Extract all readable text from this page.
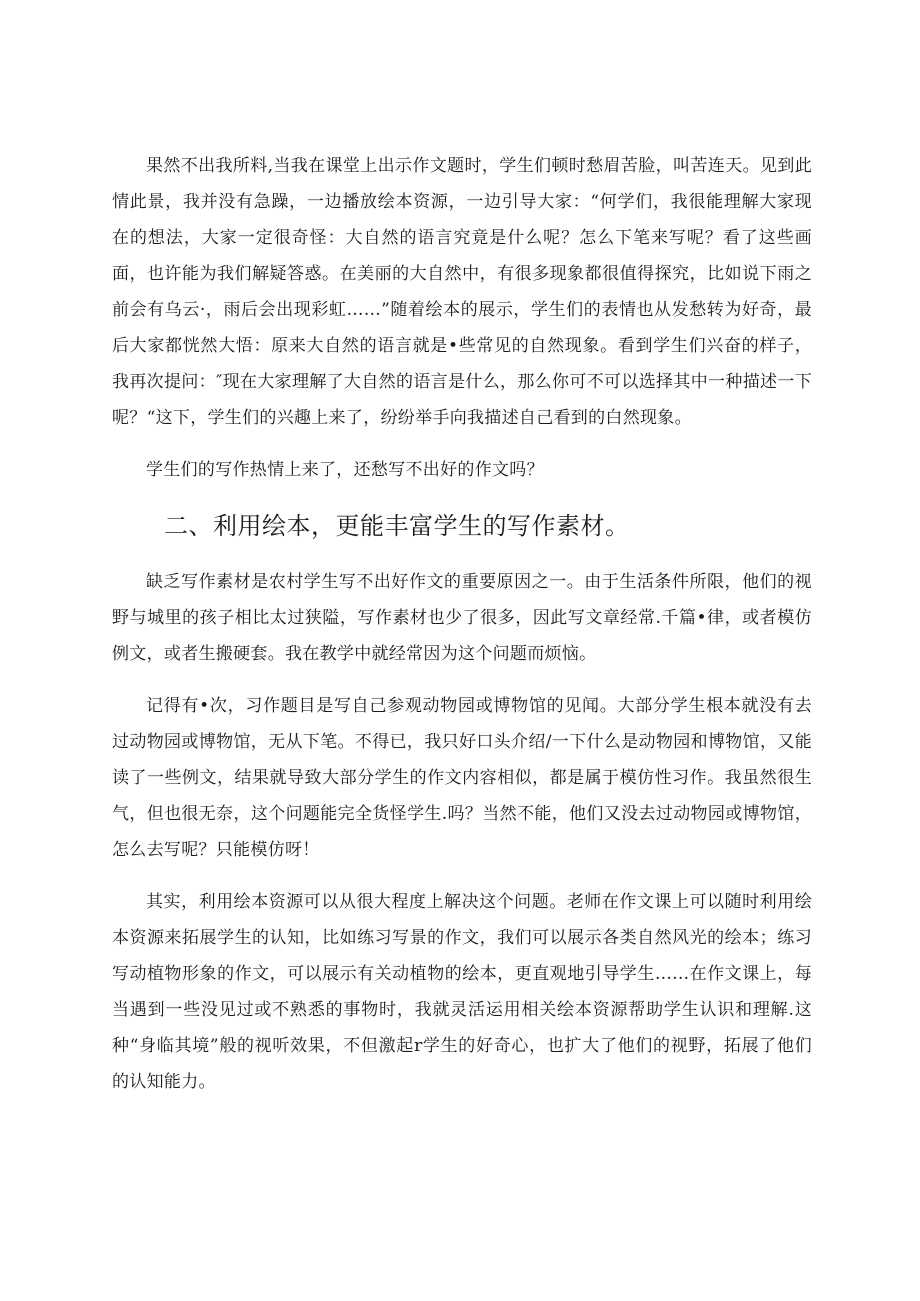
果然不出我所料,当我在课堂上出示作文题时，学生们顿时愁眉苦脸，叫苦连天。见到此情此景，我并没有急躁，一边播放绘本资源，一边引导大家：“何学们，我很能理解大家现在的想法，大家一定很奇怪：大自然的语言究竟是什么呢？怎么下笔来写呢？看了这些画面，也许能为我们解疑答惑。在美丽的大自然中，有很多现象都很值得探究，比如说下雨之前会有乌云·，雨后会出现彩虹……”随着绘本的展示，学生们的表情也从发愁转为好奇，最后大家都恍然大悟：原来大自然的语言就是•些常见的自然现象。看到学生们兴奋的样子，我再次提问：″现在大家理解了大自然的语言是什么，那么你可不可以选择其中一种描述一下呢？“这下，学生们的兴趣上来了，纷纷举手向我描述自己看到的白然现象。

学生们的写作热情上来了，还愁写不出好的作文吗？

二、利用绘本，更能丰富学生的写作素材。

缺乏写作素材是农村学生写不出好作文的重要原因之一。由于生活条件所限，他们的视野与城里的孩子相比太过狭隘，写作素材也少了很多，因此写文章经常.千篇•律，或者模仿例文，或者生搬硬套。我在教学中就经常因为这个问题而烦恼。

记得有•次，习作题目是写自己参观动物园或博物馆的见闻。大部分学生根本就没有去过动物园或博物馆，无从下笔。不得已，我只好口头介绍/一下什么是动物园和博物馆，又能读了一些例文，结果就导致大部分学生的作文内容相似，都是属于模仿性习作。我虽然很生气，但也很无奈，这个问题能完全货怪学生.吗？当然不能，他们又没去过动物园或博物馆，怎么去写呢？只能模仿呀！

其实，利用绘本资源可以从很大程度上解决这个问题。老师在作文课上可以随时利用绘本资源来拓展学生的认知，比如练习写景的作文，我们可以展示各类自然风光的绘本；练习写动植物形象的作文，可以展示有关动植物的绘本，更直观地引导学生……在作文课上，每当遇到一些没见过或不熟悉的事物时，我就灵活运用相关绘本资源帮助学生认识和理解.这种“身临其境”般的视听效果，不但激起r学生的好奇心，也扩大了他们的视野，拓展了他们的认知能力。
